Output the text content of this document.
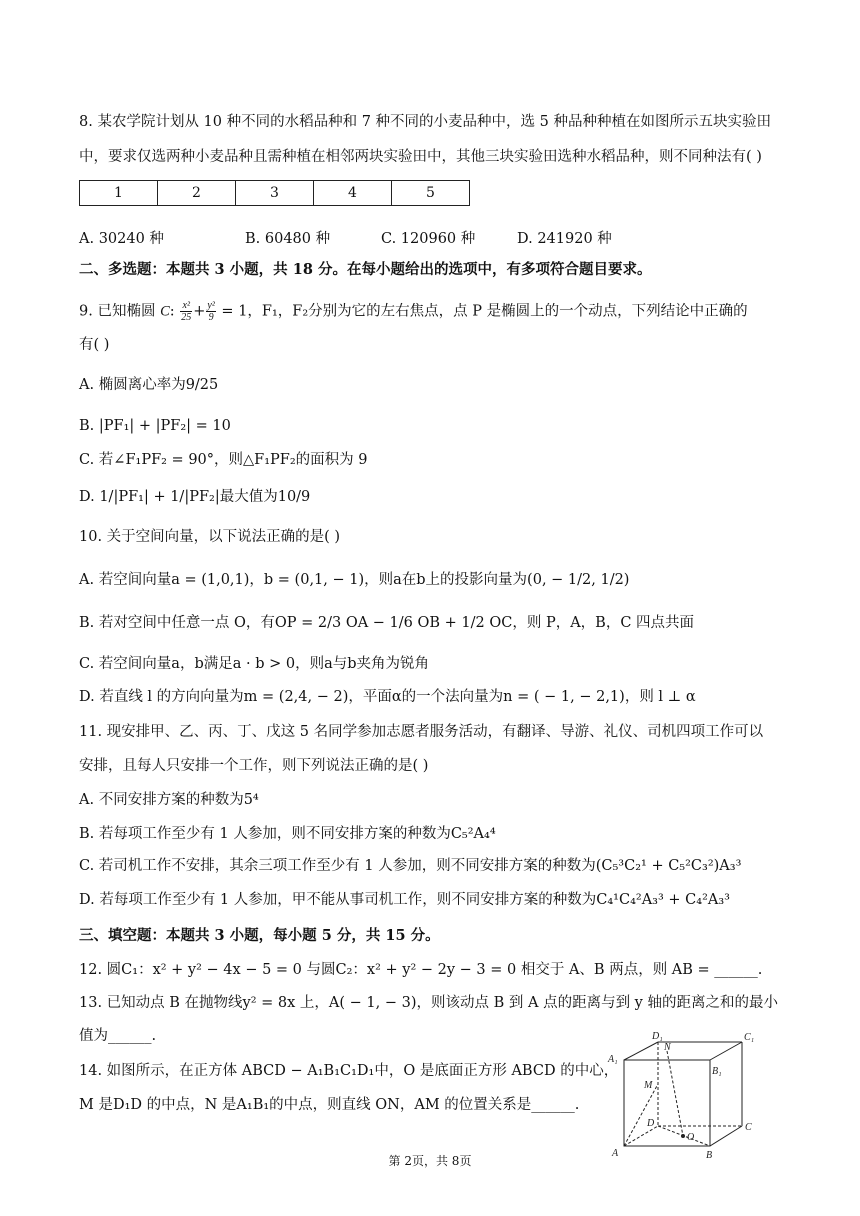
8. 某农学院计划从 10 种不同的水稻品种和 7 种不同的小麦品种中，选 5 种品种种植在如图所示五块实验田
中，要求仅选两种小麦品种且需种植在相邻两块实验田中，其他三块实验田选种水稻品种，则不同种法有( )
1	2	3	4	5
A. 30240 种	B. 60480 种	C. 120960 种	D. 241920 种
二、多选题：本题共 3 小题，共 18 分。在每小题给出的选项中，有多项符合题目要求。
9. 已知椭圆 C: $\frac{\text{x²}}{25} + \frac{\text{y²}}{9} = 1$，F₁，F₂分别为它的左右焦点，点 P 是椭圆上的一个动点，下列结论中正确的
有( )
A. 椭圆离心率为9/25
B. |PF₁| + |PF₂| = 10
C. 若∠F₁PF₂ = 90°，则△F₁PF₂的面积为 9
D. 1/|PF₁| + 1/|PF₂|最大值为10/9
10. 关于空间向量，以下说法正确的是( )
A. 若空间向量a = (1,0,1)，b = (0,1, − 1)，则a在b上的投影向量为(0, − 1/2, 1/2)
B. 若对空间中任意一点 O，有OP = 2/3 OA − 1/6 OB + 1/2 OC，则 P，A，B，C 四点共面
C. 若空间向量a，b满足a · b > 0，则a与b夹角为锐角
D. 若直线 l 的方向向量为m = (2,4, − 2)，平面α的一个法向量为n = ( − 1, − 2,1)，则 l ⊥ α
11. 现安排甲、乙、丙、丁、戊这 5 名同学参加志愿者服务活动，有翻译、导游、礼仪、司机四项工作可以
安排，且每人只安排一个工作，则下列说法正确的是( )
A. 不同安排方案的种数为5⁴
B. 若每项工作至少有 1 人参加，则不同安排方案的种数为C₅²A₄⁴
C. 若司机工作不安排，其余三项工作至少有 1 人参加，则不同安排方案的种数为(C₅³C₂¹ + C₅²C₃²)A₃³
D. 若每项工作至少有 1 人参加，甲不能从事司机工作，则不同安排方案的种数为C₄¹C₄²A₃³ + C₄²A₃³
三、填空题：本题共 3 小题，每小题 5 分，共 15 分。
12. 圆C₁：x² + y² − 4x − 5 = 0 与圆C₂：x² + y² − 2y − 3 = 0 相交于 A、B 两点，则 AB = ______.
13. 已知动点 B 在抛物线y² = 8x 上，A( − 1, − 3)，则该动点 B 到 A 点的距离与到 y 轴的距离之和的最小
值为______.
14. 如图所示，在正方体 ABCD − A₁B₁C₁D₁中，O 是底面正方形 ABCD 的中心，
M 是D₁D 的中点，N 是A₁B₁的中点，则直线 ON，AM 的位置关系是______.
D₁	C₁
A₁
B₁
N
M
D	C
O
A	B
第 2页，共 8页
